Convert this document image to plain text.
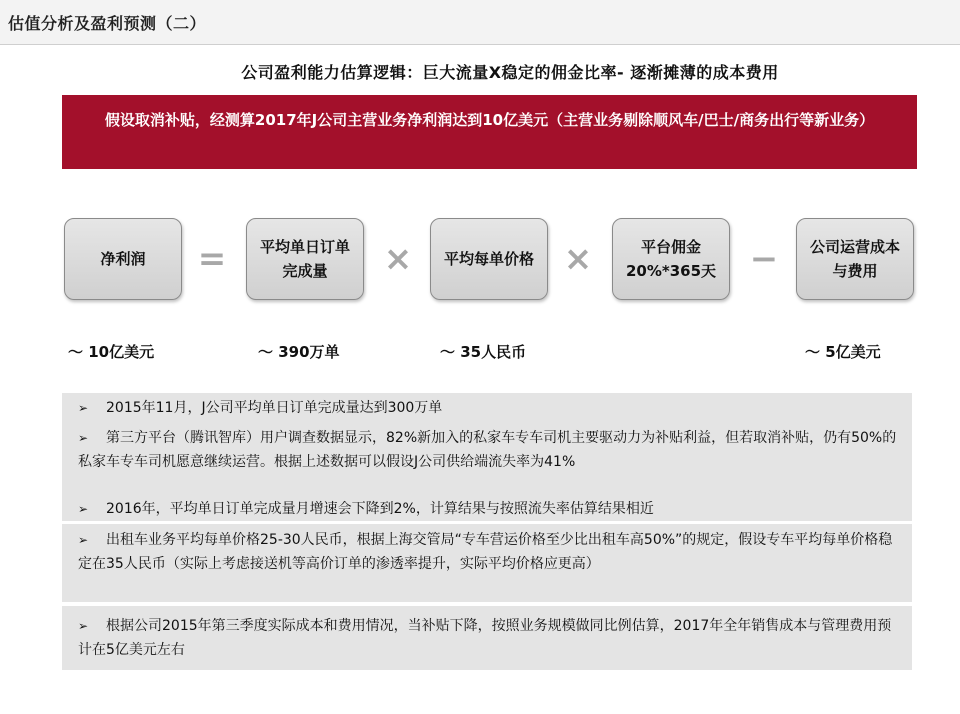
估值分析及盈利预测（二）
公司盈利能力估算逻辑：巨大流量X稳定的佣金比率- 逐渐摊薄的成本费用
假设取消补贴，经测算2017年J公司主营业务净利润达到10亿美元（主营业务剔除顺风车/巴士/商务出行等新业务）
净利润	=	平均单日订单完成量	×	平均每单价格 ×	平台佣金20%*365天 −	公司运营成本与费用
～ 10亿美元	～ 390万单	～ 35人民币	～ 5亿美元
➢ 2015年11月，J公司平均单日订单完成量达到300万单
➢ 第三方平台（腾讯智库）用户调查数据显示，82%新加入的私家车专车司机主要驱动力为补贴利益，但若取消补贴，仍有50%的私家车专车司机愿意继续运营。根据上述数据可以假设J公司供给端流失率为41%
➢ 2016年，平均单日订单完成量月增速会下降到2%，计算结果与按照流失率估算结果相近
➢ 出租车业务平均每单价格25-30人民币，根据上海交管局“专车营运价格至少比出租车高50%”的规定，假设专车平均每单价格稳定在35人民币（实际上考虑接送机等高价订单的渗透率提升，实际平均价格应更高）
➢ 根据公司2015年第三季度实际成本和费用情况，当补贴下降，按照业务规模做同比例估算，2017年全年销售成本与管理费用预计在5亿美元左右
